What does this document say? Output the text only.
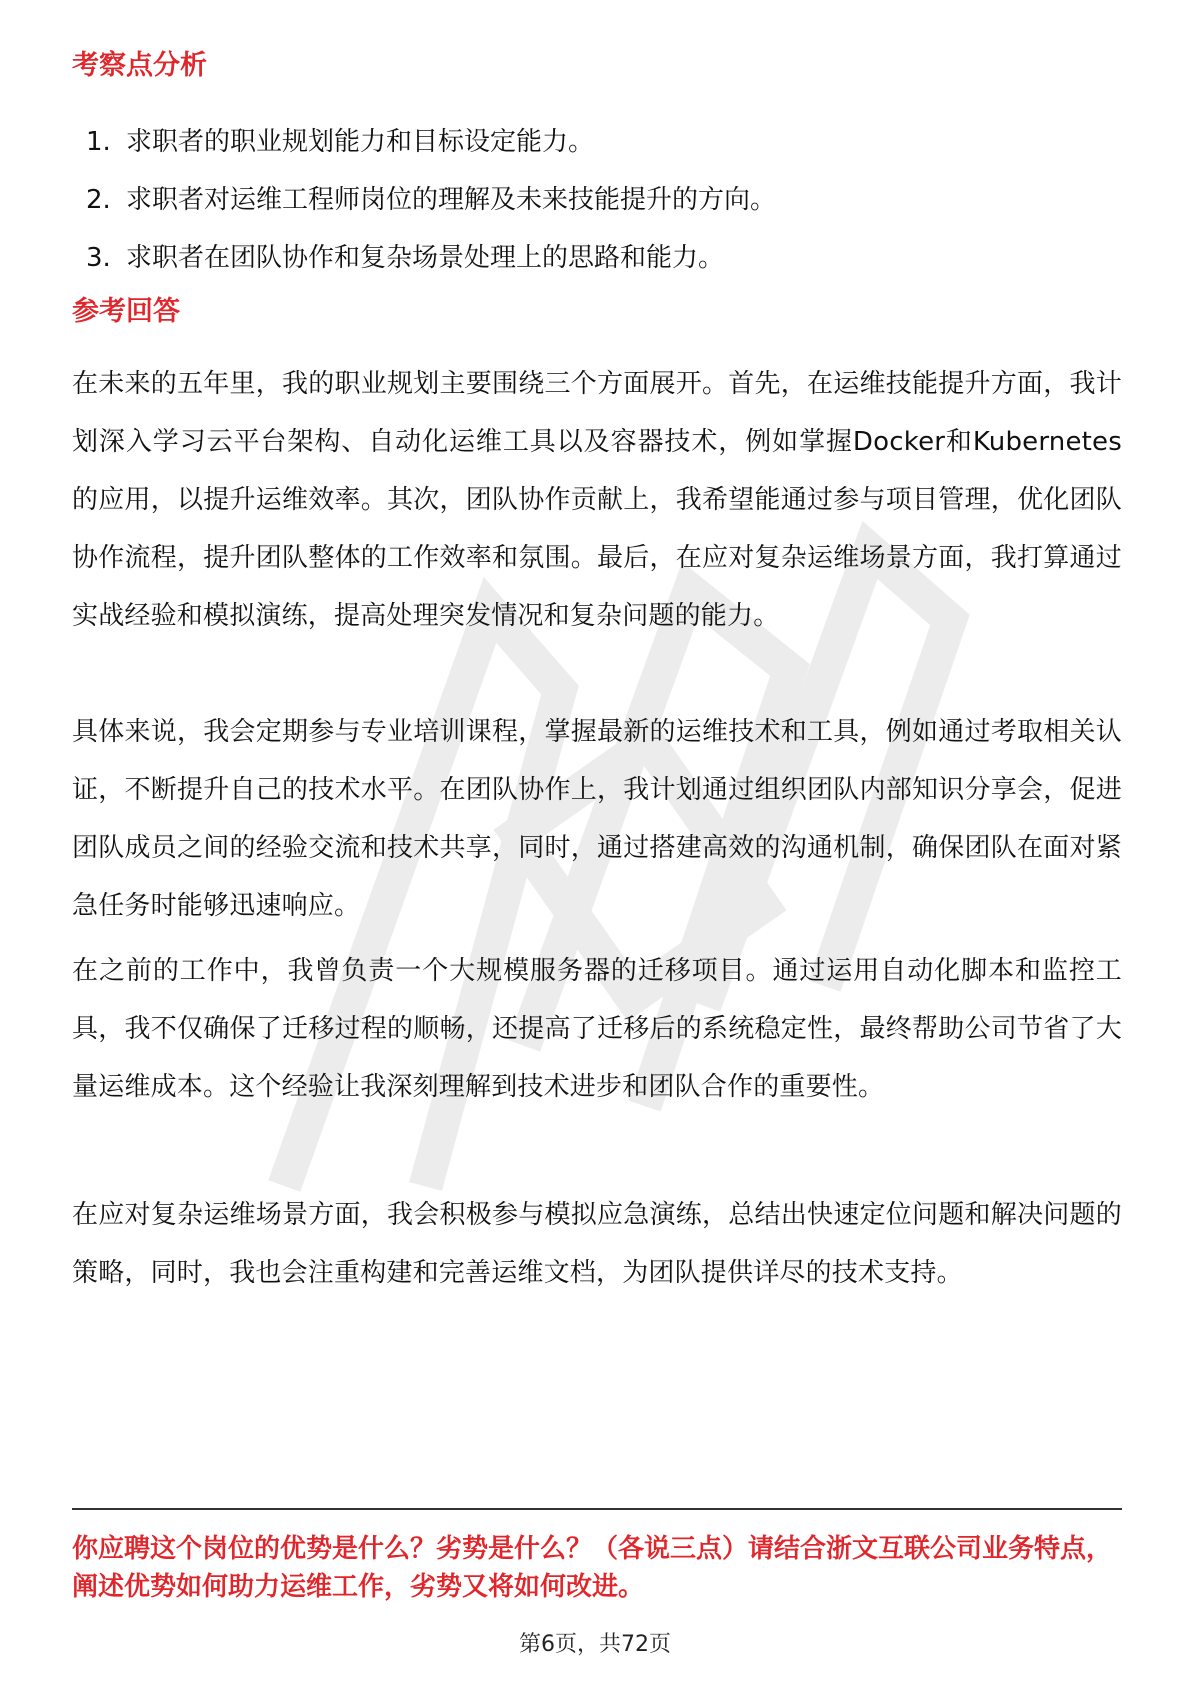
考察点分析
1. 求职者的职业规划能力和目标设定能力。
2. 求职者对运维工程师岗位的理解及未来技能提升的方向。
3. 求职者在团队协作和复杂场景处理上的思路和能力。
参考回答

在未来的五年里，我的职业规划主要围绕三个方面展开。首先，在运维技能提升方面，我计划深入学习云平台架构、自动化运维工具以及容器技术，例如掌握Docker和Kubernetes的应用，以提升运维效率。其次，团队协作贡献上，我希望能通过参与项目管理，优化团队协作流程，提升团队整体的工作效率和氛围。最后，在应对复杂运维场景方面，我打算通过实战经验和模拟演练，提高处理突发情况和复杂问题的能力。

具体来说，我会定期参与专业培训课程，掌握最新的运维技术和工具，例如通过考取相关认证，不断提升自己的技术水平。在团队协作上，我计划通过组织团队内部知识分享会，促进团队成员之间的经验交流和技术共享，同时，通过搭建高效的沟通机制，确保团队在面对紧急任务时能够迅速响应。

在之前的工作中，我曾负责一个大规模服务器的迁移项目。通过运用自动化脚本和监控工具，我不仅确保了迁移过程的顺畅，还提高了迁移后的系统稳定性，最终帮助公司节省了大量运维成本。这个经验让我深刻理解到技术进步和团队合作的重要性。

在应对复杂运维场景方面，我会积极参与模拟应急演练，总结出快速定位问题和解决问题的策略，同时，我也会注重构建和完善运维文档，为团队提供详尽的技术支持。

你应聘这个岗位的优势是什么？劣势是什么？（各说三点）请结合浙文互联公司业务特点，阐述优势如何助力运维工作，劣势又将如何改进。

第6页，共72页
